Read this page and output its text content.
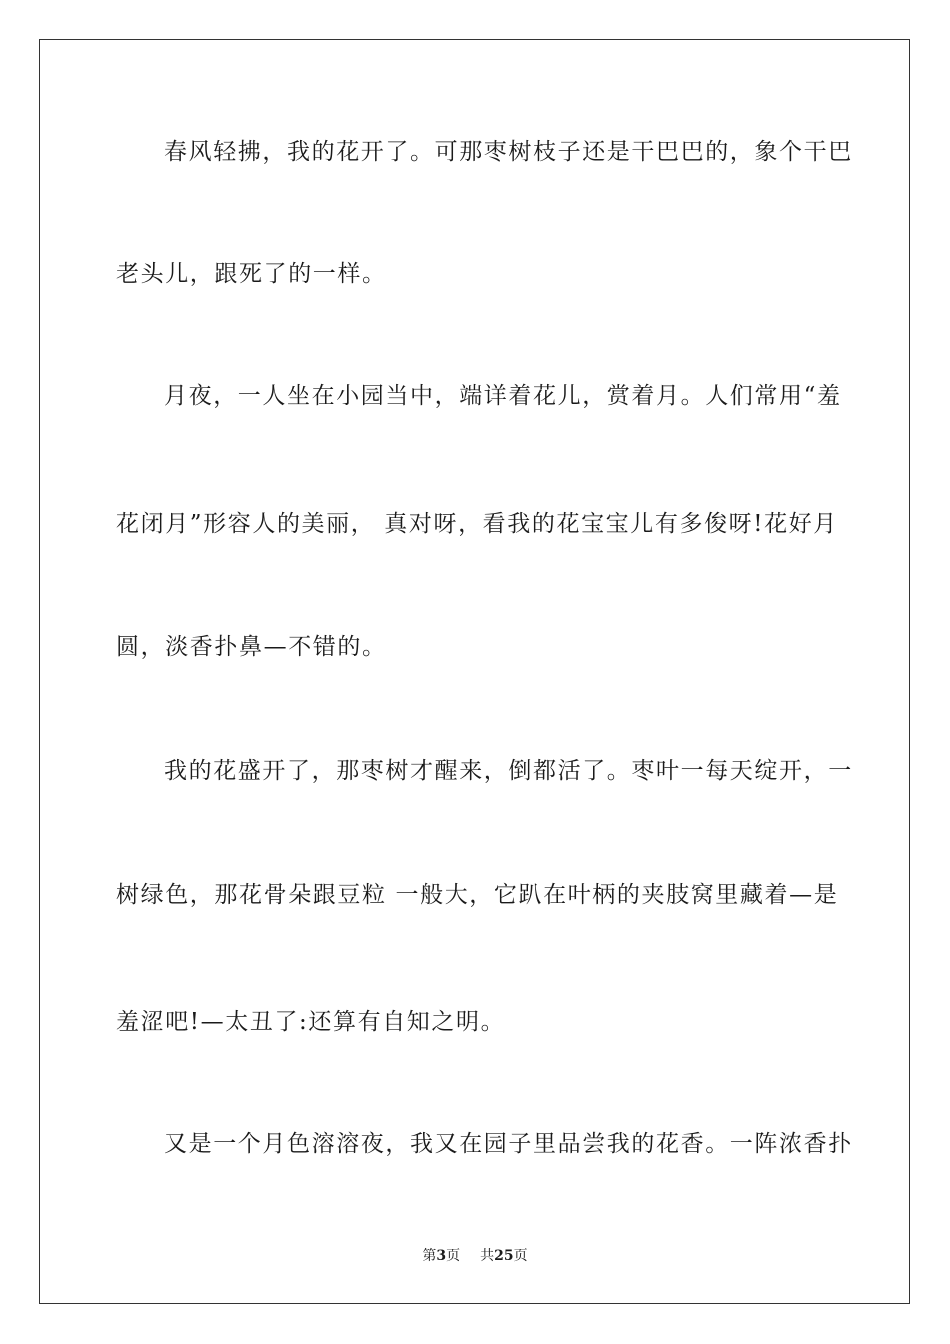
春风轻拂，我的花开了。可那枣树枝子还是干巴巴的，象个干巴
老头儿，跟死了的一样。
月夜，一人坐在小园当中，端详着花儿，赏着月。人们常用“羞
花闭月”形容人的美丽， 真对呀，看我的花宝宝儿有多俊呀!花好月
圆，淡香扑鼻—不错的。
我的花盛开了，那枣树才醒来，倒都活了。枣叶一每天绽开，一
树绿色，那花骨朵跟豆粒 一般大，它趴在叶柄的夹肢窝里藏着—是
羞涩吧!—太丑了:还算有自知之明。
又是一个月色溶溶夜，我又在园子里品尝我的花香。一阵浓香扑
第3页 共25页
